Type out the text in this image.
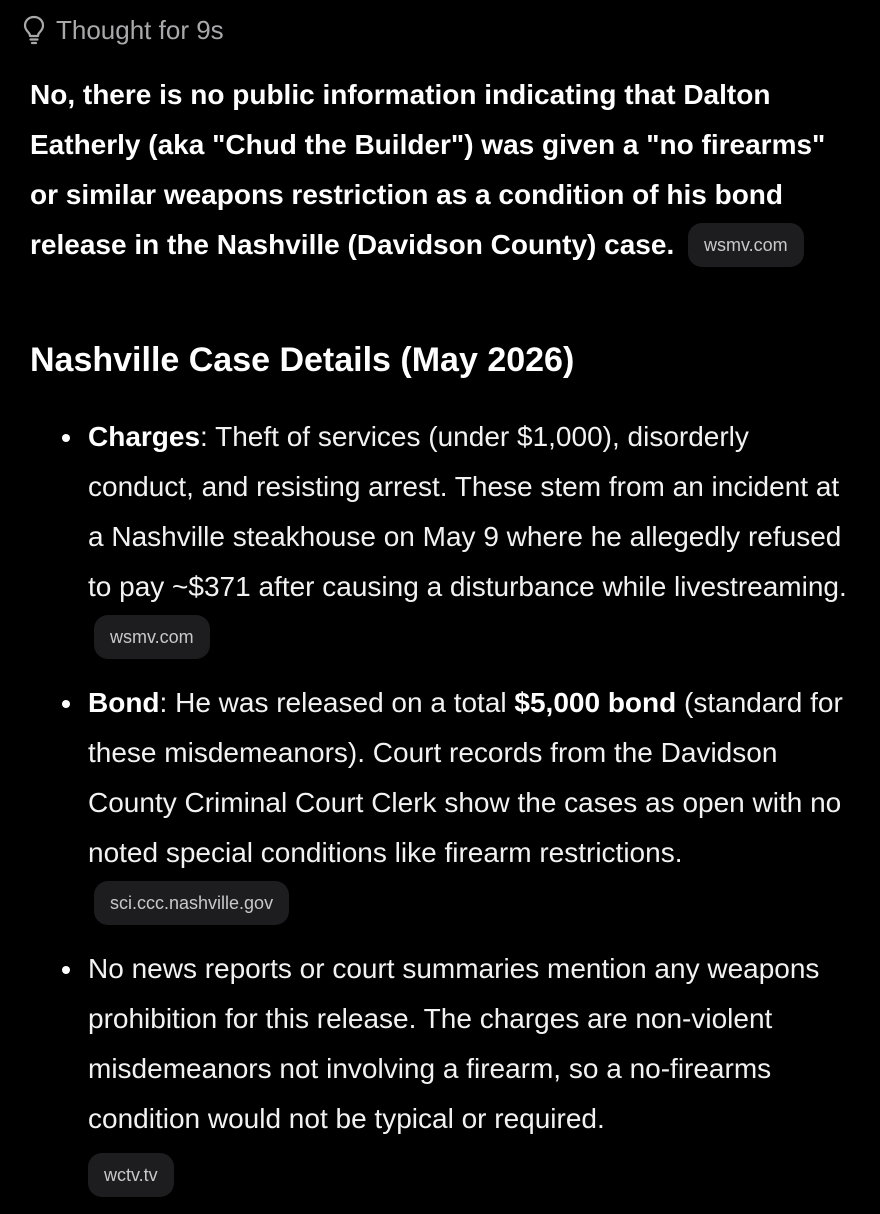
Thought for 9s

No, there is no public information indicating that Dalton Eatherly (aka "Chud the Builder") was given a "no firearms" or similar weapons restriction as a condition of his bond release in the Nashville (Davidson County) case. wsmv.com

Nashville Case Details (May 2026)
Charges: Theft of services (under $1,000), disorderly conduct, and resisting arrest. These stem from an incident at a Nashville steakhouse on May 9 where he allegedly refused to pay ~$371 after causing a disturbance while livestreaming. wsmv.com
Bond: He was released on a total $5,000 bond (standard for these misdemeanors). Court records from the Davidson County Criminal Court Clerk show the cases as open with no noted special conditions like firearm restrictions. sci.ccc.nashville.gov
No news reports or court summaries mention any weapons prohibition for this release. The charges are non-violent misdemeanors not involving a firearm, so a no-firearms condition would not be typical or required.
wctv.tv
